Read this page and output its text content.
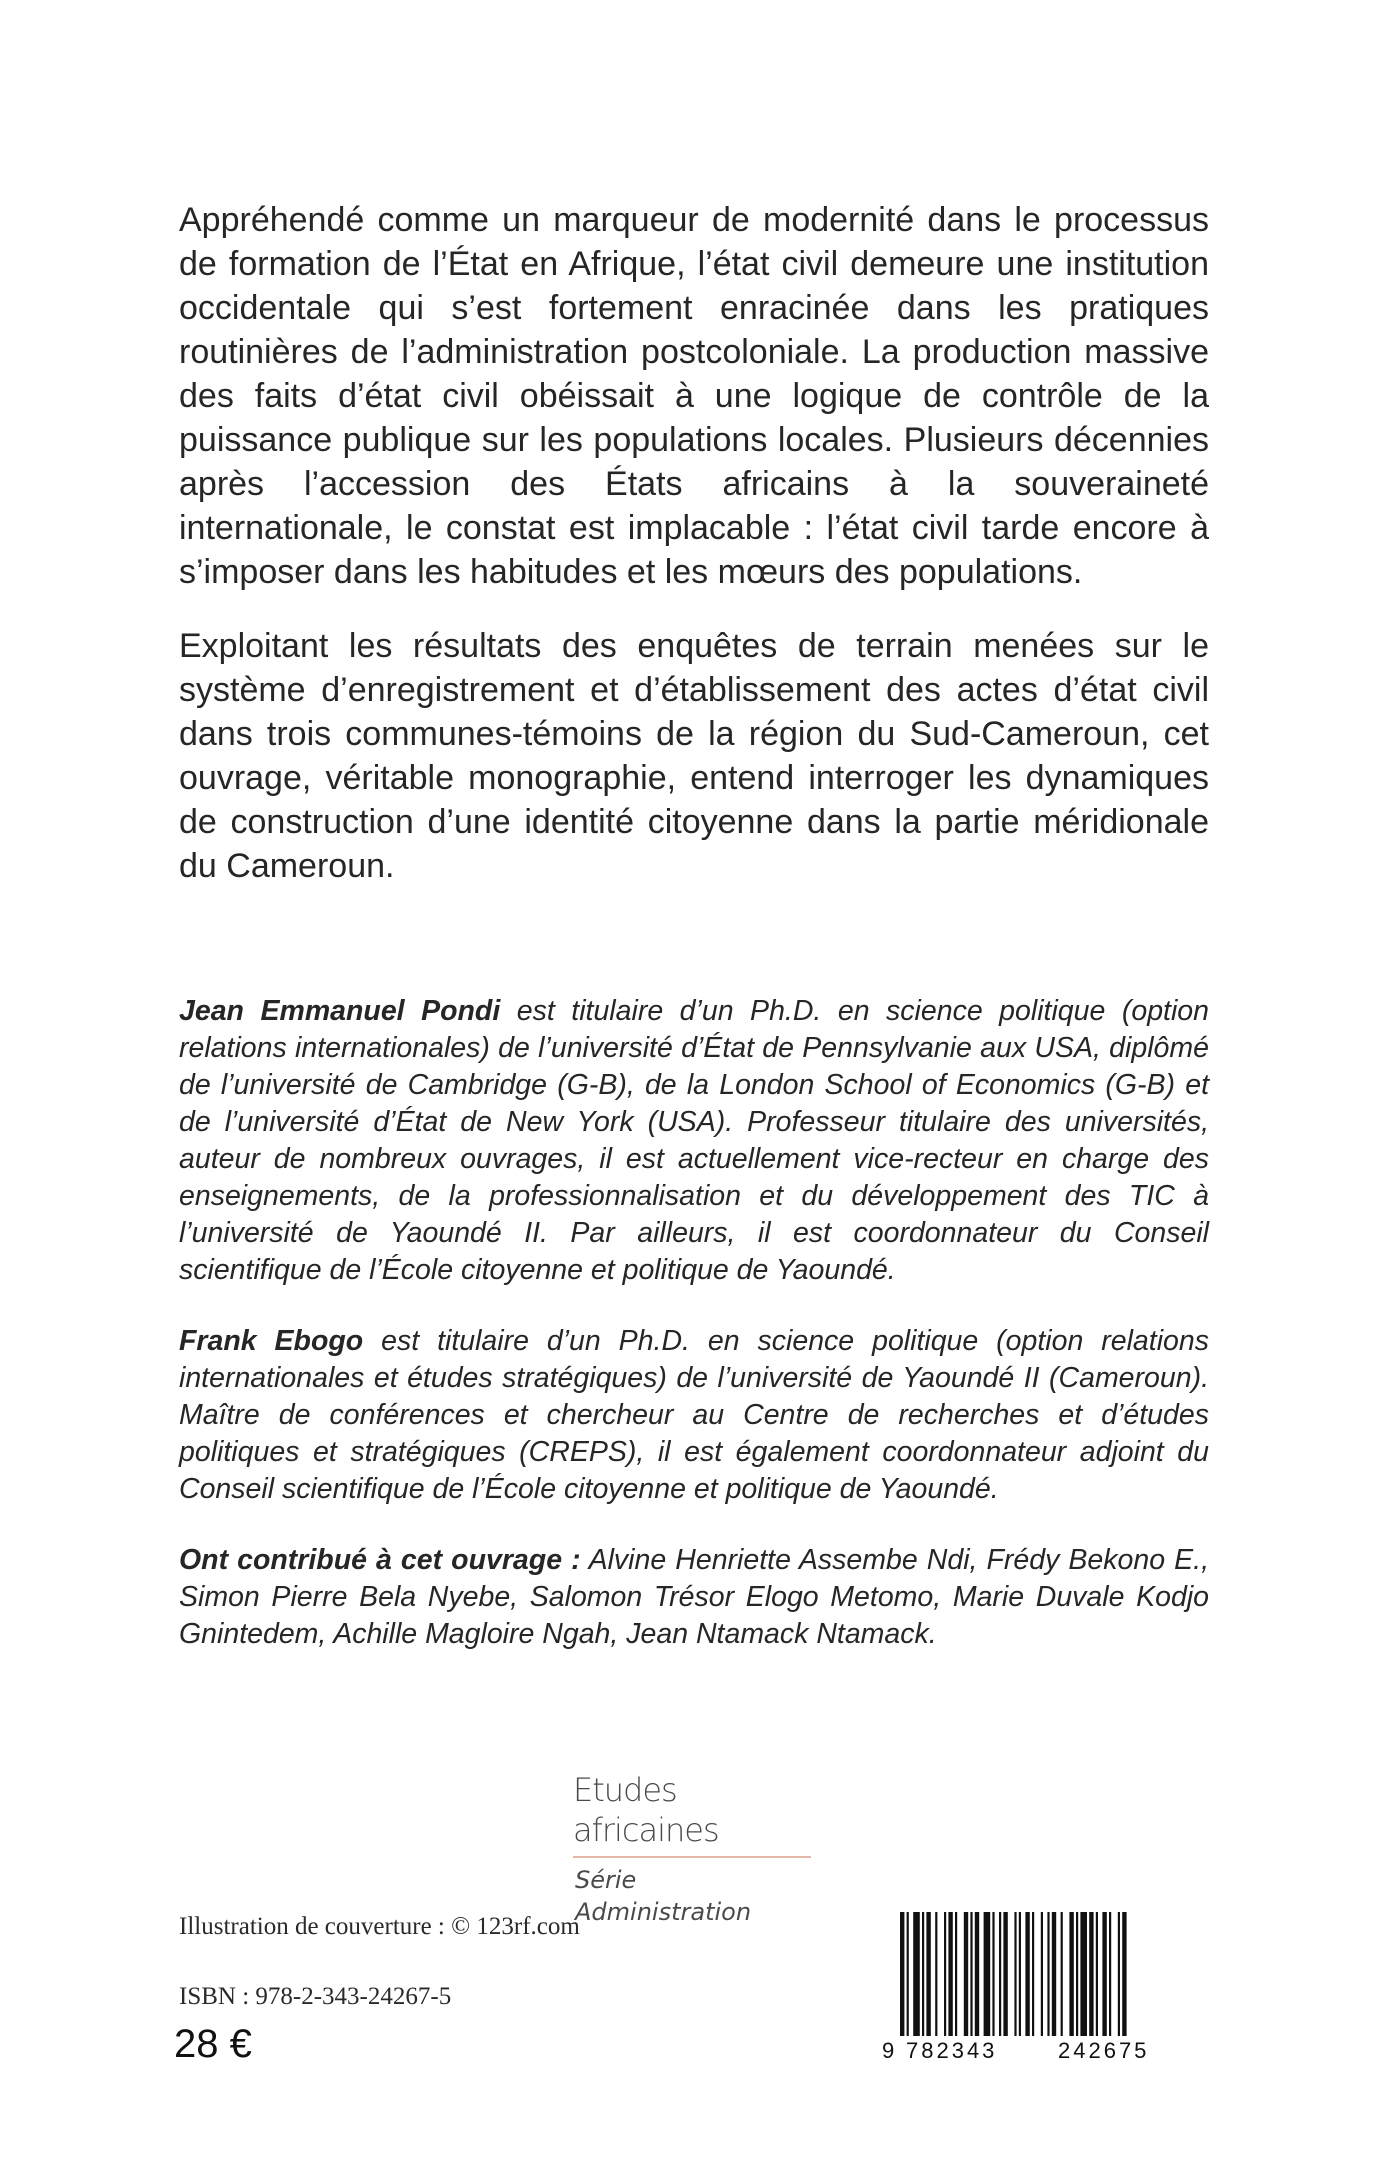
Appréhendé comme un marqueur de modernité dans le processus de formation de l’État en Afrique, l’état civil demeure une institution occidentale qui s’est fortement enracinée dans les pratiques routinières de l’administration postcoloniale. La production massive des faits d’état civil obéissait à une logique de contrôle de la puissance publique sur les populations locales. Plusieurs décennies après l’accession des États africains à la souveraineté internationale, le constat est implacable : l’état civil tarde encore à s’imposer dans les habitudes et les mœurs des populations.

Exploitant les résultats des enquêtes de terrain menées sur le système d’enregistrement et d’établissement des actes d’état civil dans trois communes-témoins de la région du Sud-Cameroun, cet ouvrage, véritable monographie, entend interroger les dynamiques de construction d’une identité citoyenne dans la partie méridionale du Cameroun.

Jean Emmanuel Pondi est titulaire d’un Ph.D. en science politique (option relations internationales) de l’université d’État de Pennsylvanie aux USA, diplômé de l’université de Cambridge (G-B), de la London School of Economics (G-B) et de l’université d’État de New York (USA). Professeur titulaire des universités, auteur de nombreux ouvrages, il est actuellement vice-recteur en charge des enseignements, de la professionnalisation et du développement des TIC à l’université de Yaoundé II. Par ailleurs, il est coordonnateur du Conseil scientifique de l’École citoyenne et politique de Yaoundé.

Frank Ebogo est titulaire d’un Ph.D. en science politique (option relations internationales et études stratégiques) de l’université de Yaoundé II (Cameroun). Maître de conférences et chercheur au Centre de recherches et d’études politiques et stratégiques (CREPS), il est également coordonnateur adjoint du Conseil scientifique de l’École citoyenne et politique de Yaoundé.

Ont contribué à cet ouvrage : Alvine Henriette Assembe Ndi, Frédy Bekono E., Simon Pierre Bela Nyebe, Salomon Trésor Elogo Metomo, Marie Duvale Kodjo Gnintedem, Achille Magloire Ngah, Jean Ntamack Ntamack.

Etudes africaines
Série Administration
Illustration de couverture : © 123rf.com
ISBN : 978-2-343-24267-5
28 €	9 782343	242675
